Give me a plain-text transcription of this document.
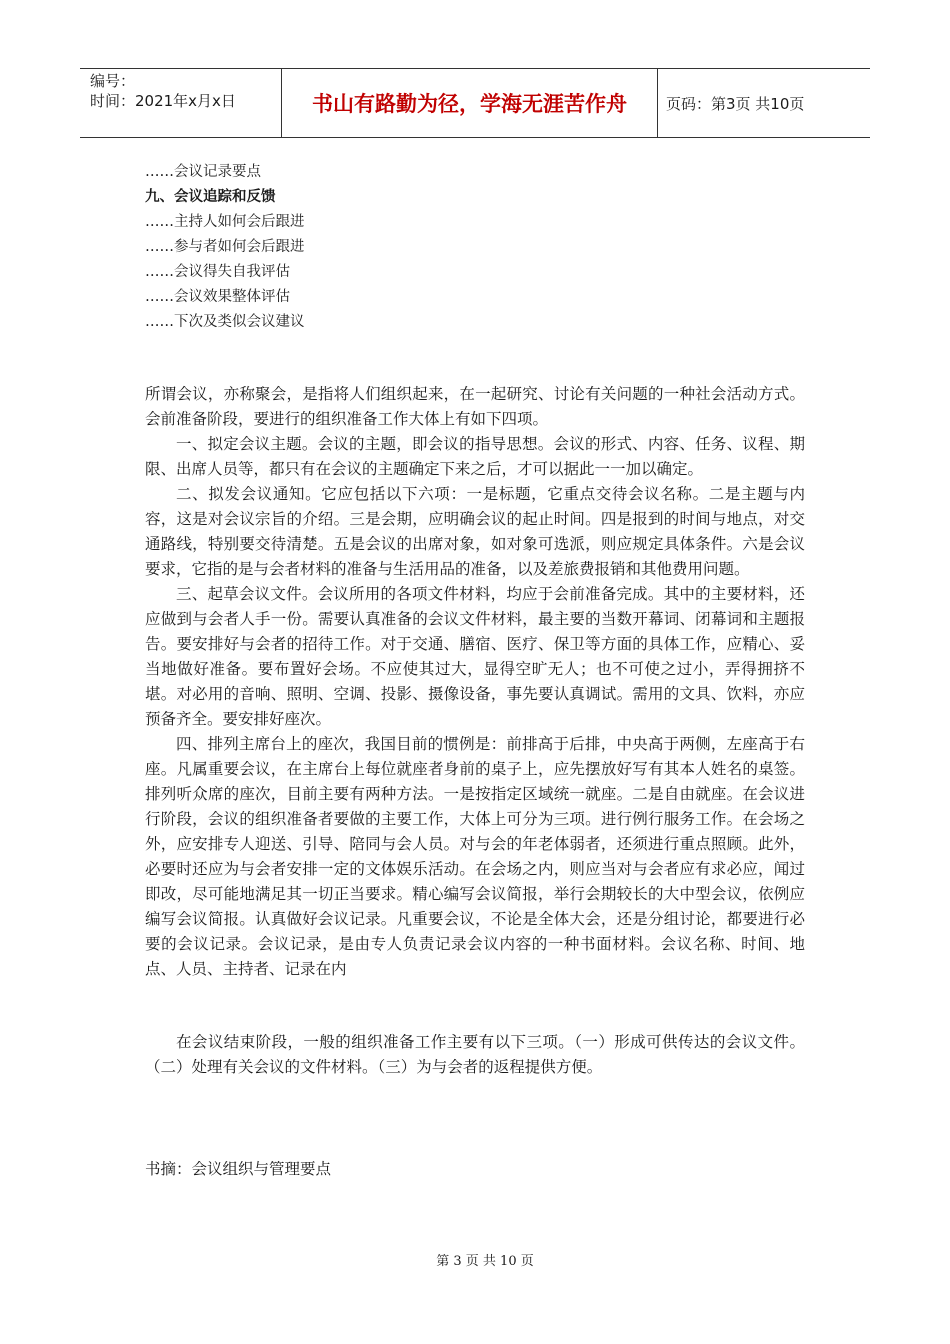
编号：
时间：2021年x月x日	书山有路勤为径，学海无涯苦作舟	页码：第3页 共10页
……会议记录要点
九、会议追踪和反馈
……主持人如何会后跟进
……参与者如何会后跟进
……会议得失自我评估
……会议效果整体评估
……下次及类似会议建议

所谓会议，亦称聚会，是指将人们组织起来，在一起研究、讨论有关问题的一种社会活动方式。会前准备阶段，要进行的组织准备工作大体上有如下四项。

一、拟定会议主题。会议的主题，即会议的指导思想。会议的形式、内容、任务、议程、期限、出席人员等，都只有在会议的主题确定下来之后，才可以据此一一加以确定。

二、拟发会议通知。它应包括以下六项：一是标题，它重点交待会议名称。二是主题与内容，这是对会议宗旨的介绍。三是会期，应明确会议的起止时间。四是报到的时间与地点，对交通路线，特别要交待清楚。五是会议的出席对象，如对象可选派，则应规定具体条件。六是会议要求，它指的是与会者材料的准备与生活用品的准备，以及差旅费报销和其他费用问题。

三、起草会议文件。会议所用的各项文件材料，均应于会前准备完成。其中的主要材料，还应做到与会者人手一份。需要认真准备的会议文件材料，最主要的当数开幕词、闭幕词和主题报告。要安排好与会者的招待工作。对于交通、膳宿、医疗、保卫等方面的具体工作，应精心、妥当地做好准备。要布置好会场。不应使其过大，显得空旷无人；也不可使之过小，弄得拥挤不堪。对必用的音响、照明、空调、投影、摄像设备，事先要认真调试。需用的文具、饮料，亦应预备齐全。要安排好座次。

四、排列主席台上的座次，我国目前的惯例是：前排高于后排，中央高于两侧，左座高于右座。凡属重要会议，在主席台上每位就座者身前的桌子上，应先摆放好写有其本人姓名的桌签。排列听众席的座次，目前主要有两种方法。一是按指定区域统一就座。二是自由就座。在会议进行阶段，会议的组织准备者要做的主要工作，大体上可分为三项。进行例行服务工作。在会场之外，应安排专人迎送、引导、陪同与会人员。对与会的年老体弱者，还须进行重点照顾。此外，必要时还应为与会者安排一定的文体娱乐活动。在会场之内，则应当对与会者应有求必应，闻过即改，尽可能地满足其一切正当要求。精心编写会议简报，举行会期较长的大中型会议，依例应编写会议简报。认真做好会议记录。凡重要会议，不论是全体大会，还是分组讨论，都要进行必要的会议记录。会议记录，是由专人负责记录会议内容的一种书面材料。会议名称、时间、地点、人员、主持者、记录在内

在会议结束阶段，一般的组织准备工作主要有以下三项。（一）形成可供传达的会议文件。（二）处理有关会议的文件材料。（三）为与会者的返程提供方便。
书摘：会议组织与管理要点
第 3 页 共 10 页
